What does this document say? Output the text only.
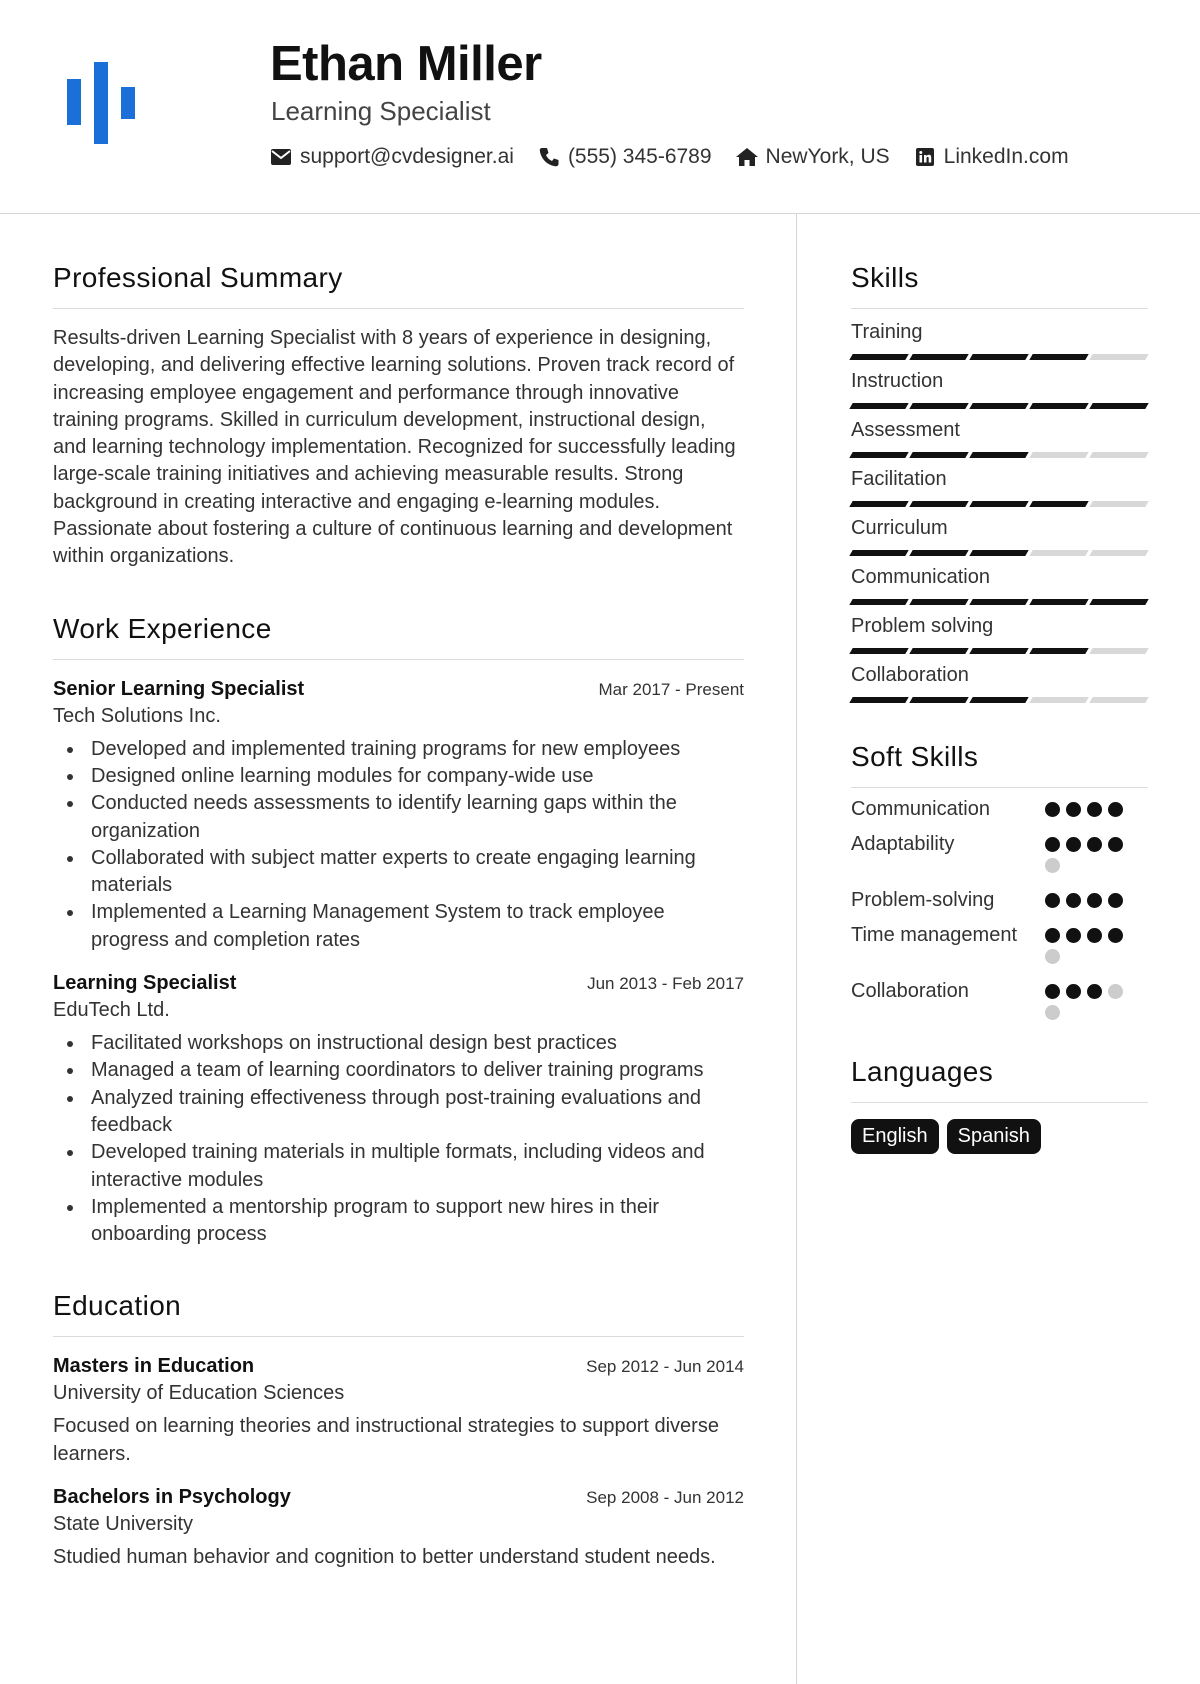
Ethan Miller
Learning Specialist
support@cvdesigner.ai	(555) 345-6789	NewYork, US	LinkedIn.com
Professional Summary

Results-driven Learning Specialist with 8 years of experience in designing, developing, and delivering effective learning solutions. Proven track record of increasing employee engagement and performance through innovative training programs. Skilled in curriculum development, instructional design, and learning technology implementation. Recognized for successfully leading large-scale training initiatives and achieving measurable results. Strong background in creating interactive and engaging e-learning modules. Passionate about fostering a culture of continuous learning and development within organizations.

Work Experience
Senior Learning Specialist	Mar 2017 - Present
Tech Solutions Inc.
Developed and implemented training programs for new employees
Designed online learning modules for company-wide use
Conducted needs assessments to identify learning gaps within the organization
Collaborated with subject matter experts to create engaging learning materials
Implemented a Learning Management System to track employee progress and completion rates
Learning Specialist	Jun 2013 - Feb 2017
EduTech Ltd.
Facilitated workshops on instructional design best practices
Managed a team of learning coordinators to deliver training programs
Analyzed training effectiveness through post-training evaluations and feedback
Developed training materials in multiple formats, including videos and interactive modules
Implemented a mentorship program to support new hires in their onboarding process
Education
Masters in Education	Sep 2012 - Jun 2014
University of Education Sciences

Focused on learning theories and instructional strategies to support diverse learners.

Bachelors in Psychology	Sep 2008 - Jun 2012
State University

Studied human behavior and cognition to better understand student needs.

Skills
Training
Instruction
Assessment
Facilitation
Curriculum
Communication
Problem solving
Collaboration
Soft Skills
Communication
Adaptability
Problem-solving
Time management
Collaboration
Languages
English	Spanish
